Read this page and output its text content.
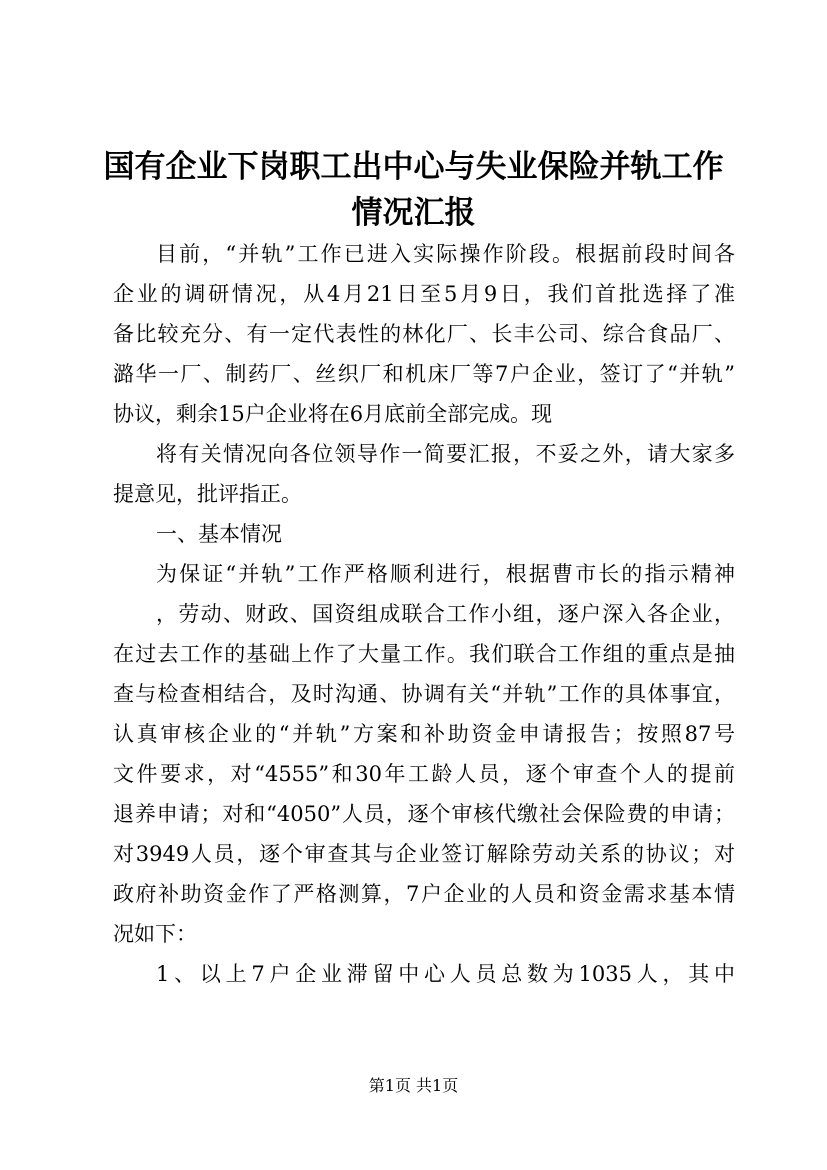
国有企业下岗职工出中心与失业保险并轨工作
情况汇报
目前，“并轨”工作已进入实际操作阶段。根据前段时间各
企业的调研情况，从4月21日至5月9日，我们首批选择了准
备比较充分、有一定代表性的林化厂、长丰公司、综合食品厂、
潞华一厂、制药厂、丝织厂和机床厂等7户企业，签订了“并轨”
协议，剩余15户企业将在6月底前全部完成。现
将有关情况向各位领导作一简要汇报，不妥之外，请大家多
提意见，批评指正。
一、基本情况
为保证“并轨”工作严格顺利进行，根据曹市长的指示精神
，劳动、财政、国资组成联合工作小组，逐户深入各企业，
在过去工作的基础上作了大量工作。我们联合工作组的重点是抽
查与检查相结合，及时沟通、协调有关“并轨”工作的具体事宜，
认真审核企业的“并轨”方案和补助资金申请报告；按照87号
文件要求，对“4555”和30年工龄人员，逐个审查个人的提前
退养申请；对和“4050”人员，逐个审核代缴社会保险费的申请；
对3949人员，逐个审查其与企业签订解除劳动关系的协议；对
政府补助资金作了严格测算，7户企业的人员和资金需求基本情
况如下：
1、以上7户企业滞留中心人员总数为1035人，其中
第1页 共1页
